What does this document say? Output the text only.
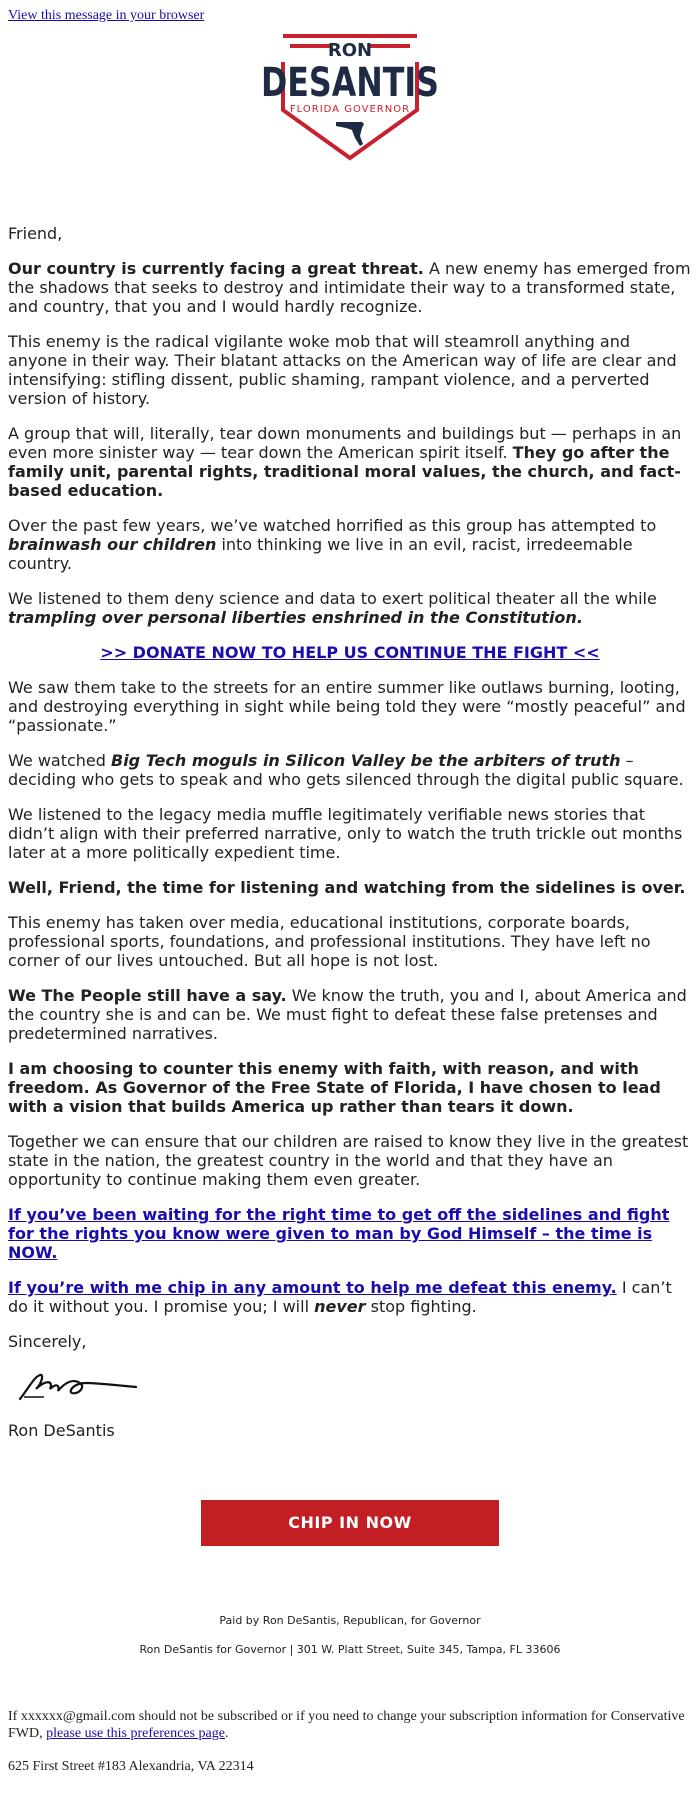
View this message in your browser
RON
DESANTIS
FLORIDA GOVERNOR

Friend,

Our country is currently facing a great threat. A new enemy has emerged from the shadows that seeks to destroy and intimidate their way to a transformed state, and country, that you and I would hardly recognize.

This enemy is the radical vigilante woke mob that will steamroll anything and anyone in their way. Their blatant attacks on the American way of life are clear and intensifying: stifling dissent, public shaming, rampant violence, and a perverted version of history.

A group that will, literally, tear down monuments and buildings but — perhaps in an even more sinister way — tear down the American spirit itself. They go after the family unit, parental rights, traditional moral values, the church, and fact-based education.

Over the past few years, we’ve watched horrified as this group has attempted to brainwash our children into thinking we live in an evil, racist, irredeemable country.

We listened to them deny science and data to exert political theater all the while trampling over personal liberties enshrined in the Constitution.

>> DONATE NOW TO HELP US CONTINUE THE FIGHT <<

We saw them take to the streets for an entire summer like outlaws burning, looting, and destroying everything in sight while being told they were “mostly peaceful” and “passionate.”

We watched Big Tech moguls in Silicon Valley be the arbiters of truth – deciding who gets to speak and who gets silenced through the digital public square.

We listened to the legacy media muffle legitimately verifiable news stories that didn’t align with their preferred narrative, only to watch the truth trickle out months later at a more politically expedient time.

Well, Friend, the time for listening and watching from the sidelines is over.

This enemy has taken over media, educational institutions, corporate boards, professional sports, foundations, and professional institutions. They have left no corner of our lives untouched. But all hope is not lost.

We The People still have a say. We know the truth, you and I, about America and the country she is and can be. We must fight to defeat these false pretenses and predetermined narratives.

I am choosing to counter this enemy with faith, with reason, and with freedom. As Governor of the Free State of Florida, I have chosen to lead with a vision that builds America up rather than tears it down.

Together we can ensure that our children are raised to know they live in the greatest state in the nation, the greatest country in the world and that they have an opportunity to continue making them even greater.

If you’ve been waiting for the right time to get off the sidelines and fight for the rights you know were given to man by God Himself – the time is NOW.

If you’re with me chip in any amount to help me defeat this enemy. I can’t do it without you. I promise you; I will never stop fighting.

Sincerely,

Ron DeSantis

CHIP IN NOW

Paid by Ron DeSantis, Republican, for Governor

Ron DeSantis for Governor | 301 W. Platt Street, Suite 345, Tampa, FL 33606

If xxxxxx@gmail.com should not be subscribed or if you need to change your subscription information for Conservative FWD, please use this preferences page.

625 First Street #183 Alexandria, VA 22314
